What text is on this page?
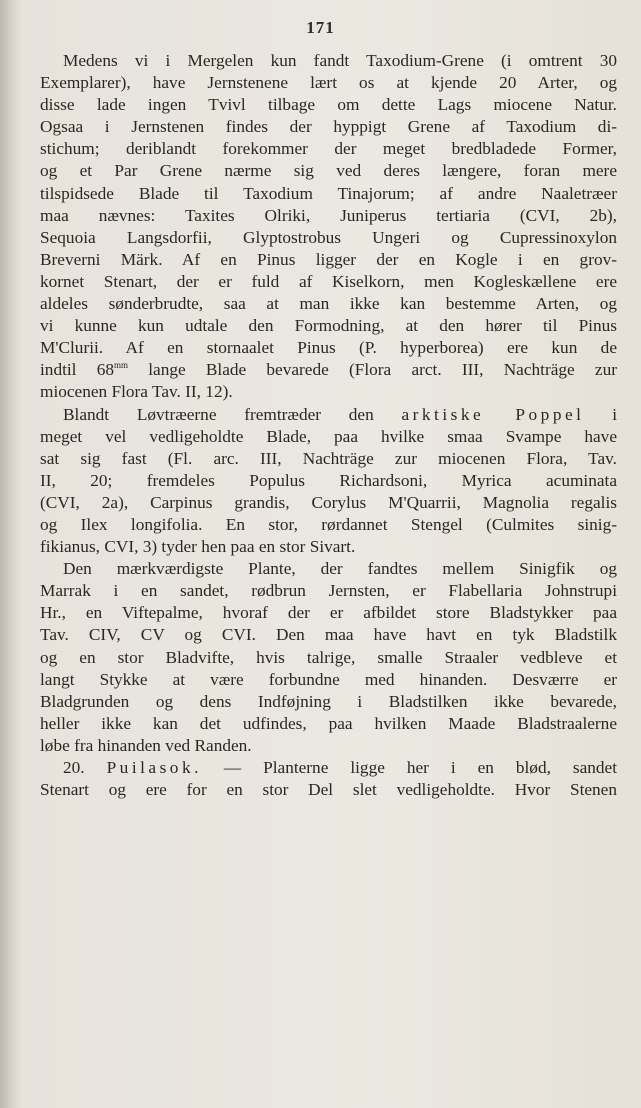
171
Medens vi i Mergelen kun fandt Taxodium-Grene (i omtrent 30
Exemplarer), have Jernstenene lært os at kjende 20 Arter, og
disse lade ingen Tvivl tilbage om dette Lags miocene Natur.
Ogsaa i Jernstenen findes der hyppigt Grene af Taxodium di-
stichum; deriblandt forekommer der meget bredbladede Former,
og et Par Grene nærme sig ved deres længere, foran mere
tilspidsede Blade til Taxodium Tinajorum; af andre Naaletræer
maa nævnes: Taxites Olriki, Juniperus tertiaria (CVI, 2b),
Sequoia Langsdorfii, Glyptostrobus Ungeri og Cupressinoxylon
Breverni Märk. Af en Pinus ligger der en Kogle i en grov-
kornet Stenart, der er fuld af Kiselkorn, men Kogleskællene ere
aldeles sønderbrudte, saa at man ikke kan bestemme Arten, og
vi kunne kun udtale den Formodning, at den hører til Pinus
M'Clurii. Af en stornaalet Pinus (P. hyperborea) ere kun de
indtil $68^{mm}$ lange Blade bevarede (Flora arct. III, Nachträge zur
miocenen Flora Tav. II, 12).
Blandt Løvtræerne fremtræder den arktiske Poppel i
meget vel vedligeholdte Blade, paa hvilke smaa Svampe have
sat sig fast (Fl. arc. III, Nachträge zur miocenen Flora, Tav.
II, 20; fremdeles Populus Richardsoni, Myrica acuminata
(CVI, 2a), Carpinus grandis, Corylus M'Quarrii, Magnolia regalis
og Ilex longifolia. En stor, rørdannet Stengel (Culmites sinig-
fikianus, CVI, 3) tyder hen paa en stor Sivart.
Den mærkværdigste Plante, der fandtes mellem Sinigfik og
Marrak i en sandet, rødbrun Jernsten, er Flabellaria Johnstrupi
Hr., en Viftepalme, hvoraf der er afbildet store Bladstykker paa
Tav. CIV, CV og CVI. Den maa have havt en tyk Bladstilk
og en stor Bladvifte, hvis talrige, smalle Straaler vedbleve et
langt Stykke at være forbundne med hinanden. Desværre er
Bladgrunden og dens Indføjning i Bladstilken ikke bevarede,
heller ikke kan det udfindes, paa hvilken Maade Bladstraalerne
løbe fra hinanden ved Randen.
20. Puilasok. — Planterne ligge her i en blød, sandet
Stenart og ere for en stor Del slet vedligeholdte. Hvor Stenen
